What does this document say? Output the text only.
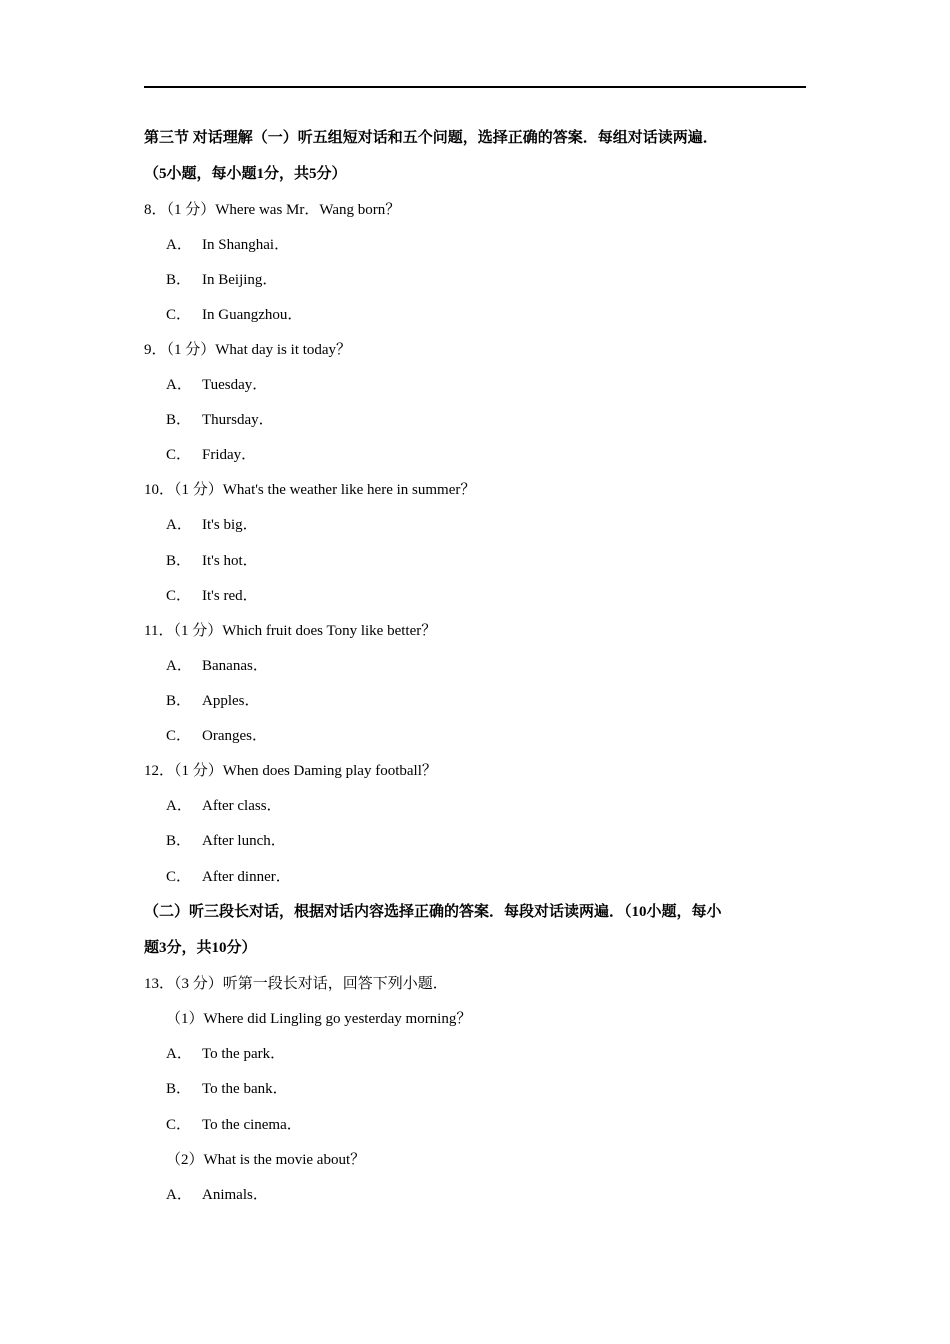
第三节 对话理解（一）听五组短对话和五个问题，选择正确的答案．每组对话读两遍．
（5小题，每小题1分，共5分）
8．（1 分）Where was Mr．Wang born？
A． In Shanghai．
B． In Beijing．
C． In Guangzhou．
9．（1 分）What day is it today？
A． Tuesday．
B． Thursday．
C． Friday．
10．（1 分）What's the weather like here in summer？
A． It's big．
B． It's hot．
C． It's red．
11．（1 分）Which fruit does Tony like better？
A． Bananas．
B． Apples．
C． Oranges．
12．（1 分）When does Daming play football？
A． After class．
B． After lunch．
C． After dinner．
（二）听三段长对话，根据对话内容选择正确的答案．每段对话读两遍．（10小题，每小
题3分，共10分）
13．（3 分）听第一段长对话，回答下列小题．
（1）Where did Lingling go yesterday morning？
A． To the park．
B． To the bank．
C． To the cinema．
（2）What is the movie about？
A． Animals．
